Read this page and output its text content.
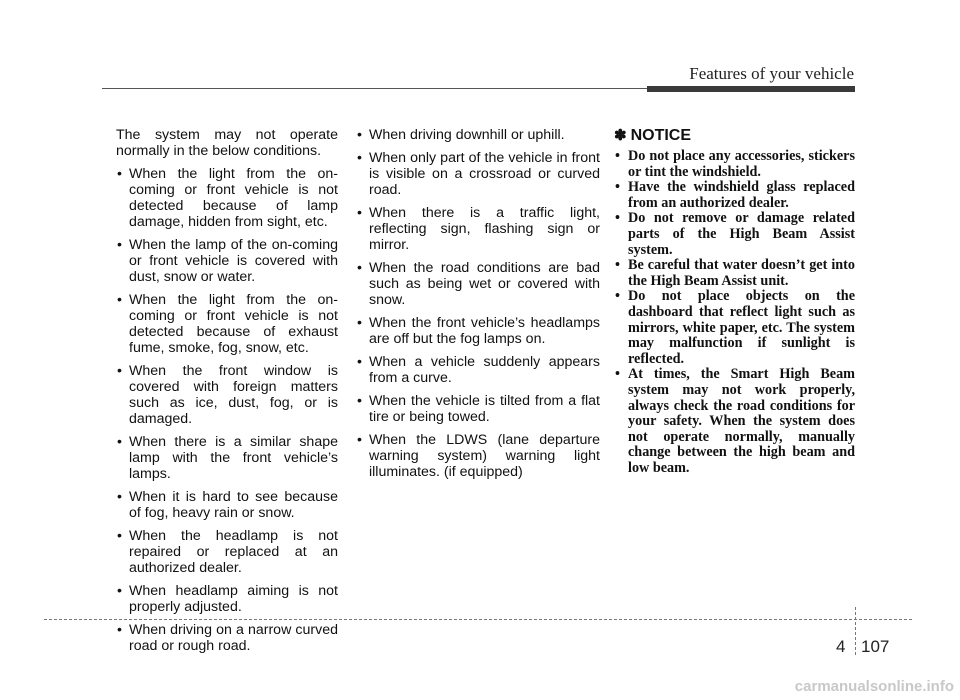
Features of your vehicle

The system may not operate normally in the below conditions.

• When the light from the on-coming or front vehicle is not detected because of lamp damage, hidden from sight, etc.
• When the lamp of the on-coming or front vehicle is covered with dust, snow or water.
• When the light from the on-coming or front vehicle is not detected because of exhaust fume, smoke, fog, snow, etc.
• When the front window is covered with foreign matters such as ice, dust, fog, or is damaged.
• When there is a similar shape lamp with the front vehicle’s lamps.
• When it is hard to see because of fog, heavy rain or snow.
• When the headlamp is not repaired or replaced at an authorized dealer.
• When headlamp aiming is not properly adjusted.
• When driving on a narrow curved road or rough road.
• When driving downhill or uphill.
• When only part of the vehicle in front is visible on a crossroad or curved road.
• When there is a traffic light, reflecting sign, flashing sign or mirror.
• When the road conditions are bad such as being wet or covered with snow.
• When the front vehicle’s headlamps are off but the fog lamps on.
• When a vehicle suddenly appears from a curve.
• When the vehicle is tilted from a flat tire or being towed.
• When the LDWS (lane departure warning system) warning light illuminates. (if equipped)
✽ NOTICE
• Do not place any accessories, stickers or tint the windshield.
• Have the windshield glass replaced from an authorized dealer.
• Do not remove or damage related parts of the High Beam Assist system.
• Be careful that water doesn’t get into the High Beam Assist unit.
• Do not place objects on the dashboard that reflect light such as mirrors, white paper, etc. The system may malfunction if sunlight is reflected.
• At times, the Smart High Beam system may not work properly, always check the road conditions for your safety. When the system does not operate normally, manually change between the high beam and low beam.
4 107
carmanualsonline.info
